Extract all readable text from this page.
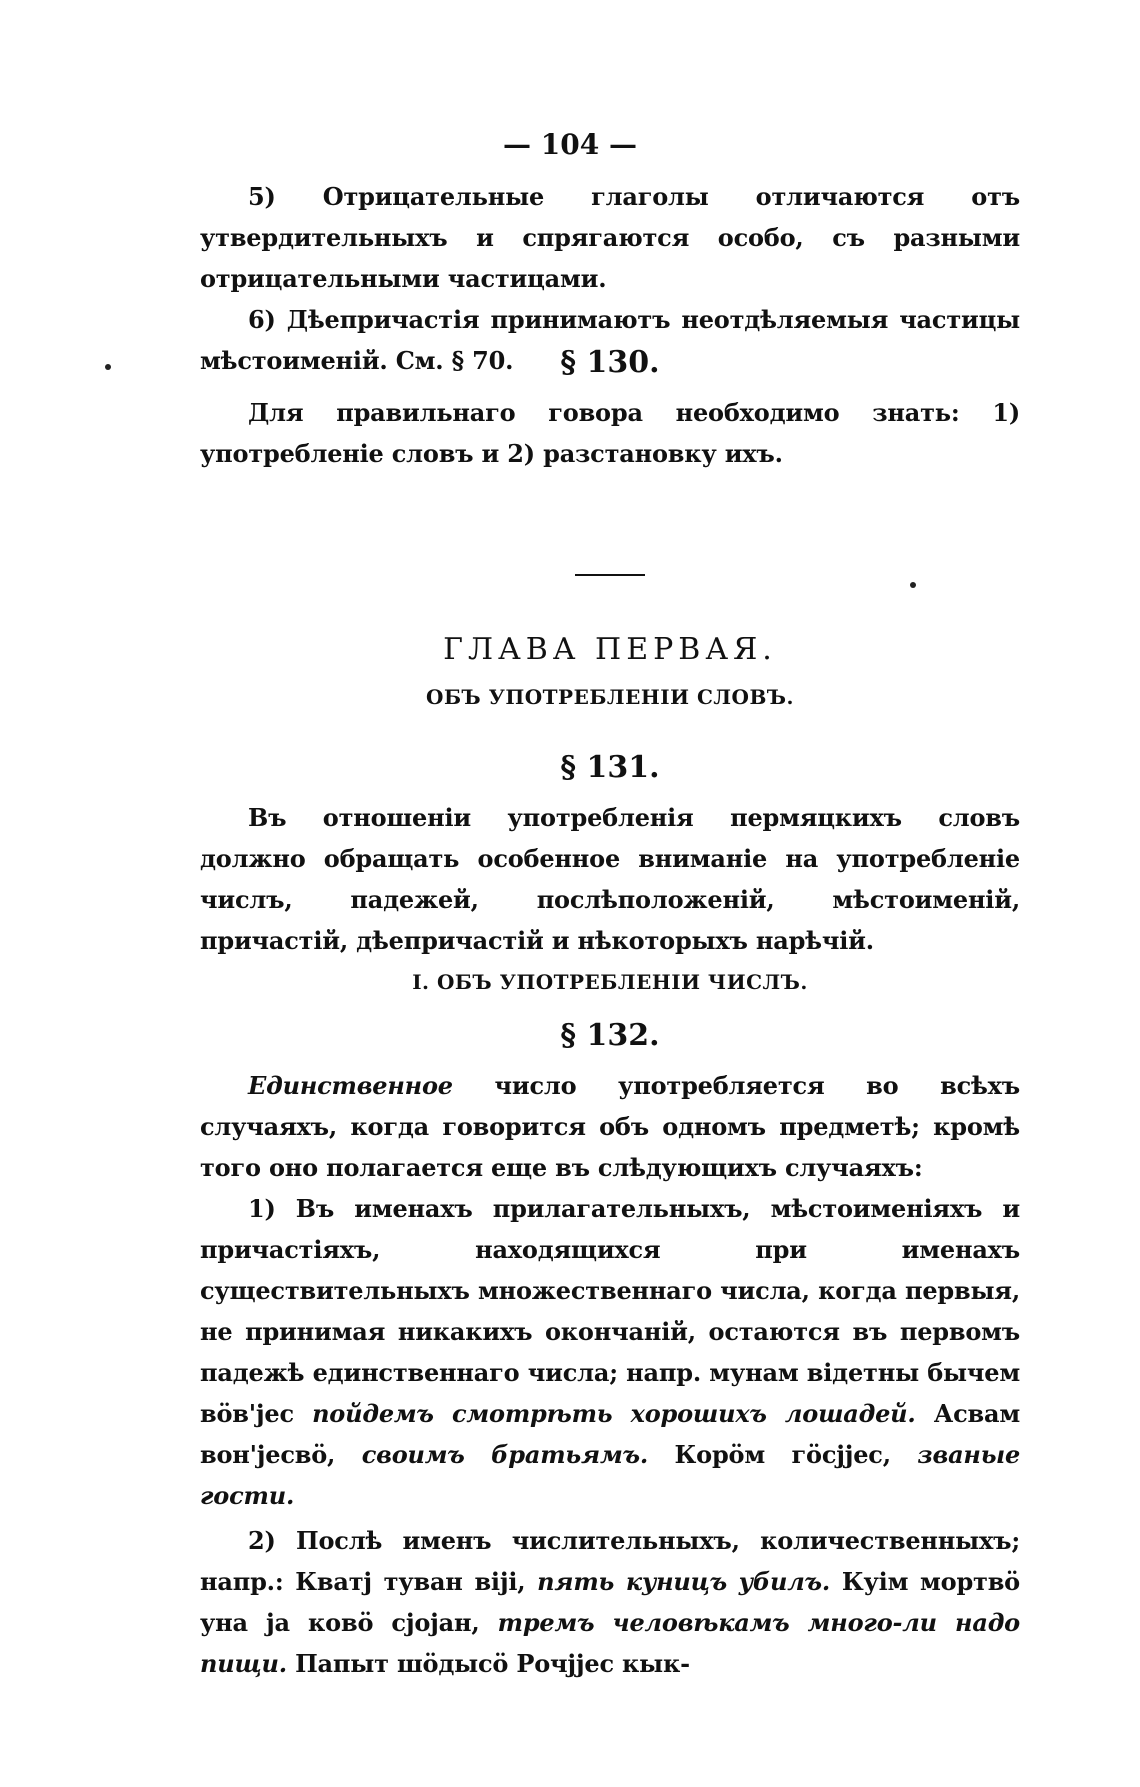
— 104 —

5) Отрицательные глаголы отличаются отъ утвердительныхъ и спрягаются особо, съ разными отрицательными частицами.

6) Дѣепричастія принимаютъ неотдѣляемыя частицы мѣстоименій. См. § 70.	§ 130.

Для правильнаго говора необходимо знать: 1) употребленіе словъ и 2) разстановку ихъ.

ГЛАВА ПЕРВАЯ.

ОБЪ УПОТРЕБЛЕНІИ СЛОВЪ.

§ 131.

Въ отношеніи употребленія пермяцкихъ словъ должно обращать особенное вниманіе на употребленіе числъ, падежей, послѣположеній, мѣстоименій, причастій, дѣепричастій и нѣкоторыхъ нарѣчій.

I. ОБЪ УПОТРЕБЛЕНІИ ЧИСЛЪ.

§ 132.

Единственное число употребляется во всѣхъ случаяхъ, когда говорится объ одномъ предметѣ; кромѣ того оно полагается еще въ слѣдующихъ случаяхъ:

1) Въ именахъ прилагательныхъ, мѣстоименіяхъ и причастіяхъ, находящихся при именахъ существительныхъ множественнаго числа, когда первыя, не принимая никакихъ окончаній, остаются въ первомъ падежѣ единственнаго числа; напр. мунам вiдетны бычем вӧв'jес пойдемъ смотрѣть хорошихъ лошадей. Асвам вон'jесвӧ, своимъ братьямъ. Корӧм гӧсjjес, званые гости.

2) Послѣ именъ числительныхъ, количественныхъ; напр.: Кватj туван вiji, пять куницъ убилъ. Куiм мортвӧ уна ja ковӧ сjojан, тремъ человѣкамъ много-ли надо пищи. Папыт шӧдысӧ Рочjjес кык-
